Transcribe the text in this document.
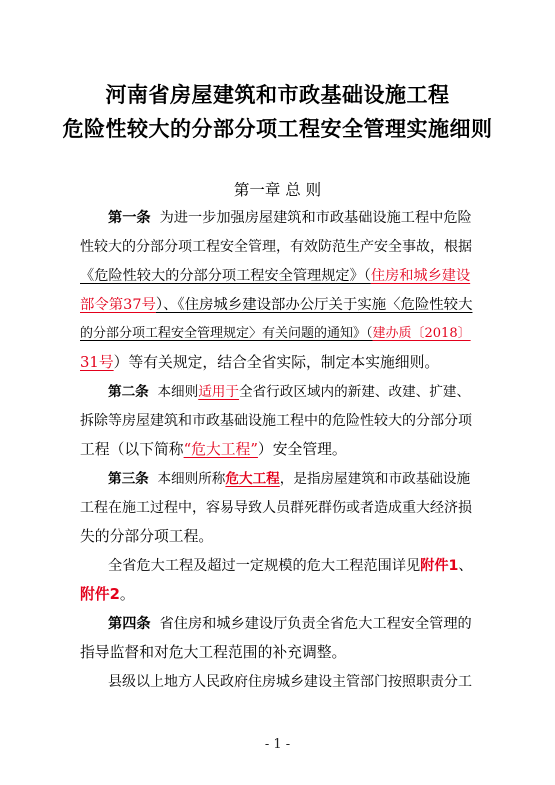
河南省房屋建筑和市政基础设施工程
危险性较大的分部分项工程安全管理实施细则
第一章 总 则
第一条 为进一步加强房屋建筑和市政基础设施工程中危险
性较大的分部分项工程安全管理，有效防范生产安全事故，根据
《危险性较大的分部分项工程安全管理规定》（住房和城乡建设
部令第37号）、《住房城乡建设部办公厅关于实施〈危险性较大
的分部分项工程安全管理规定〉有关问题的通知》（建办质〔2018〕
31号）等有关规定，结合全省实际，制定本实施细则。
第二条 本细则适用于全省行政区域内的新建、改建、扩建、
拆除等房屋建筑和市政基础设施工程中的危险性较大的分部分项
工程（以下简称“危大工程”）安全管理。
第三条 本细则所称危大工程，是指房屋建筑和市政基础设施
工程在施工过程中，容易导致人员群死群伤或者造成重大经济损
失的分部分项工程。
全省危大工程及超过一定规模的危大工程范围详见附件1、
附件2。
第四条 省住房和城乡建设厅负责全省危大工程安全管理的
指导监督和对危大工程范围的补充调整。
县级以上地方人民政府住房城乡建设主管部门按照职责分工
- 1 -
